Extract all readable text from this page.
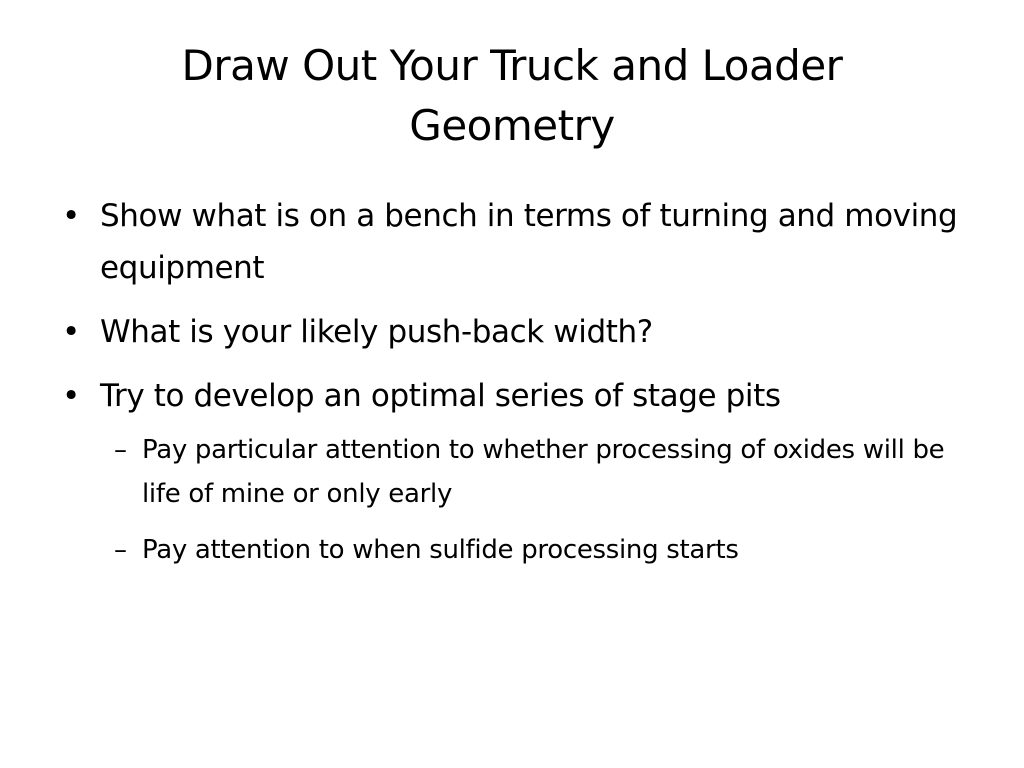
Draw Out Your Truck and Loader Geometry
• Show what is on a bench in terms of turning and moving equipment
• What is your likely push-back width?
• Try to develop an optimal series of stage pits
– Pay particular attention to whether processing of oxides will be life of mine or only early
– Pay attention to when sulfide processing starts
